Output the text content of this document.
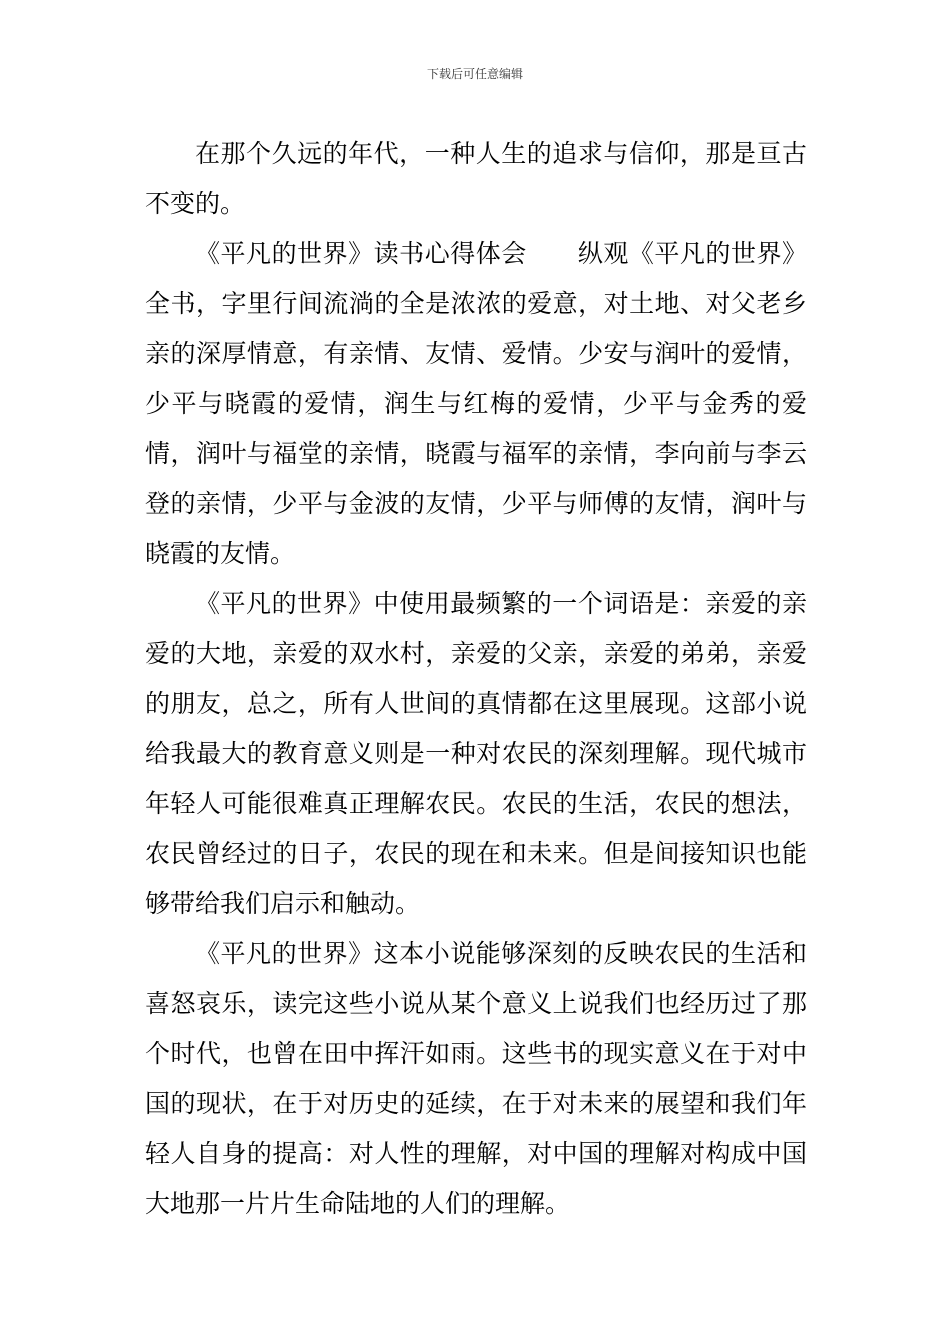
下载后可任意编辑

在那个久远的年代，一种人生的追求与信仰，那是亘古不变的。

《平凡的世界》读书心得体会　　纵观《平凡的世界》全书，字里行间流淌的全是浓浓的爱意，对土地、对父老乡亲的深厚情意，有亲情、友情、爱情。少安与润叶的爱情，少平与晓霞的爱情，润生与红梅的爱情，少平与金秀的爱情，润叶与福堂的亲情，晓霞与福军的亲情，李向前与李云登的亲情，少平与金波的友情，少平与师傅的友情，润叶与晓霞的友情。

《平凡的世界》中使用最频繁的一个词语是：亲爱的亲爱的大地，亲爱的双水村，亲爱的父亲，亲爱的弟弟，亲爱的朋友，总之，所有人世间的真情都在这里展现。这部小说给我最大的教育意义则是一种对农民的深刻理解。现代城市年轻人可能很难真正理解农民。农民的生活，农民的想法，农民曾经过的日子，农民的现在和未来。但是间接知识也能够带给我们启示和触动。

《平凡的世界》这本小说能够深刻的反映农民的生活和喜怒哀乐，读完这些小说从某个意义上说我们也经历过了那个时代，也曾在田中挥汗如雨。这些书的现实意义在于对中国的现状，在于对历史的延续，在于对未来的展望和我们年轻人自身的提高：对人性的理解，对中国的理解对构成中国大地那一片片生命陆地的人们的理解。
